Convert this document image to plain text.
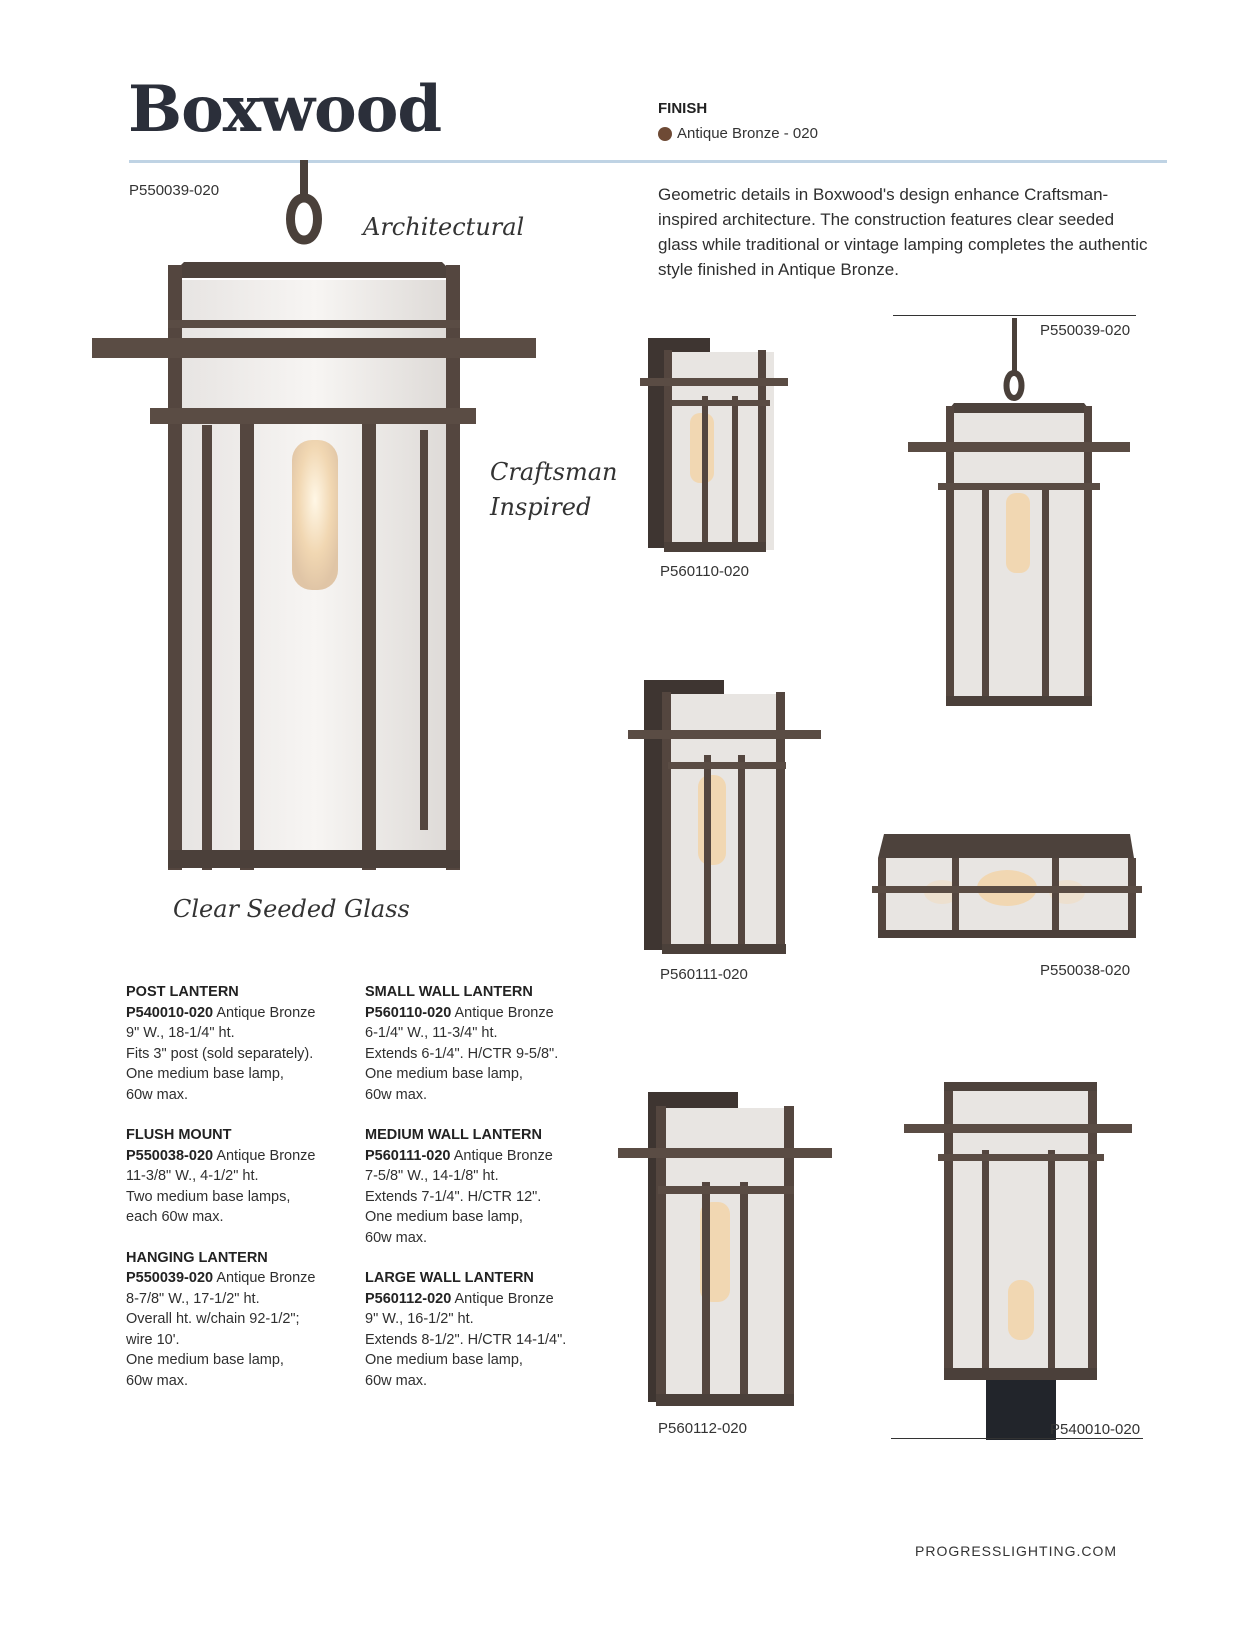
Boxwood	FINISH
Antique Bronze - 020
Geometric details in Boxwood's design enhance Craftsman-inspired architecture. The construction features clear seeded glass while traditional or vintage lamping completes the authentic style finished in Antique Bronze.
P550039-020
Architectural
Craftsman
Inspired
Clear Seeded Glass
P560110-020
P550039-020
P560111-020	P550038-020
P560112-020	P540010-020
POST LANTERN
P540010-020 Antique Bronze
9" W., 18-1/4" ht.
Fits 3" post (sold separately).
One medium base lamp,
60w max.
FLUSH MOUNT
P550038-020 Antique Bronze
11-3/8" W., 4-1/2" ht.
Two medium base lamps,
each 60w max.
HANGING LANTERN
P550039-020 Antique Bronze
8-7/8" W., 17-1/2" ht.
Overall ht. w/chain 92-1/2";
wire 10'.
One medium base lamp,
60w max.
SMALL WALL LANTERN
P560110-020 Antique Bronze
6-1/4" W., 11-3/4" ht.
Extends 6-1/4". H/CTR 9-5/8".
One medium base lamp,
60w max.
MEDIUM WALL LANTERN
P560111-020 Antique Bronze
7-5/8" W., 14-1/8" ht.
Extends 7-1/4". H/CTR 12".
One medium base lamp,
60w max.
LARGE WALL LANTERN
P560112-020 Antique Bronze
9" W., 16-1/2" ht.
Extends 8-1/2". H/CTR 14-1/4".
One medium base lamp,
60w max.
PROGRESSLIGHTING.COM
